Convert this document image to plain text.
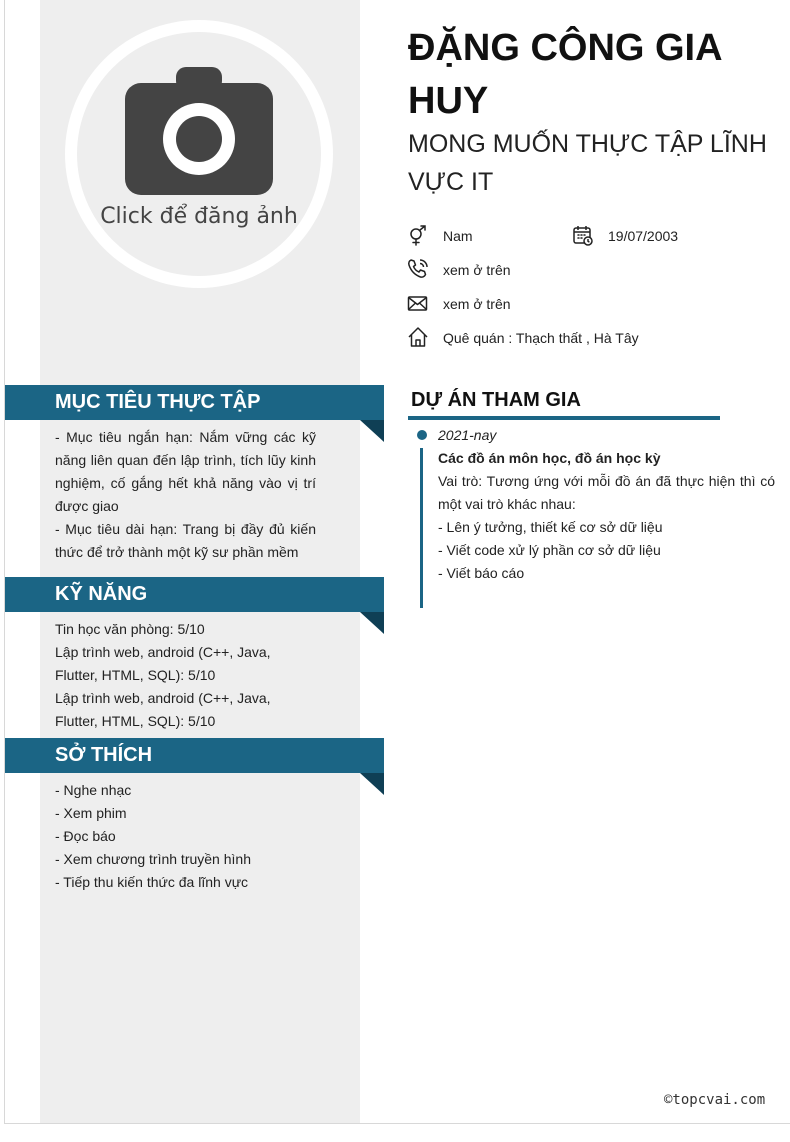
Click để đăng ảnh
ĐẶNG CÔNG GIA HUY
MONG MUỐN THỰC TẬP LĨNH VỰC IT
Nam	19/07/2003
xem ở trên
xem ở trên
Quê quán : Thạch thất , Hà Tây
MỤC TIÊU THỰC TẬP
- Mục tiêu ngắn hạn: Nắm vững các kỹ năng liên quan đến lập trình, tích lũy kinh nghiệm, cố gắng hết khả năng vào vị trí được giao
- Mục tiêu dài hạn: Trang bị đầy đủ kiến thức để trở thành một kỹ sư phần mềm
KỸ NĂNG
Tin học văn phòng: 5/10
Lập trình web, android (C++, Java, Flutter, HTML, SQL): 5/10
Lập trình web, android (C++, Java, Flutter, HTML, SQL): 5/10
SỞ THÍCH
- Nghe nhạc
- Xem phim
- Đọc báo
- Xem chương trình truyền hình
- Tiếp thu kiến thức đa lĩnh vực
DỰ ÁN THAM GIA
2021-nay
Các đồ án môn học, đồ án học kỳ
Vai trò: Tương ứng với mỗi đồ án đã thực hiện thì có một vai trò khác nhau:
- Lên ý tưởng, thiết kế cơ sở dữ liệu
- Viết code xử lý phần cơ sở dữ liệu
- Viết báo cáo
©topcvai.com
